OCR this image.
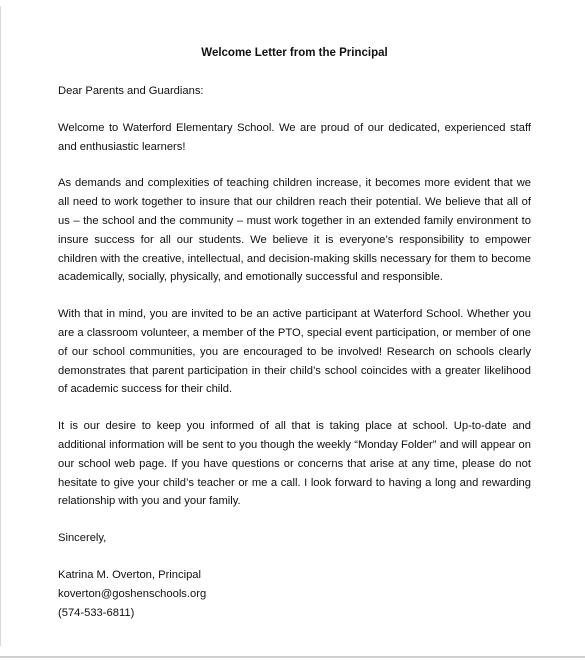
Welcome Letter from the Principal

Dear Parents and Guardians:

Welcome to Waterford Elementary School. We are proud of our dedicated, experienced staff and enthusiastic learners!

As demands and complexities of teaching children increase, it becomes more evident that we all need to work together to insure that our children reach their potential. We believe that all of us – the school and the community – must work together in an extended family environment to insure success for all our students. We believe it is everyone’s responsibility to empower children with the creative, intellectual, and decision-making skills necessary for them to become academically, socially, physically, and emotionally successful and responsible.

With that in mind, you are invited to be an active participant at Waterford School. Whether you are a classroom volunteer, a member of the PTO, special event participation, or member of one of our school communities, you are encouraged to be involved! Research on schools clearly demonstrates that parent participation in their child’s school coincides with a greater likelihood of academic success for their child.

It is our desire to keep you informed of all that is taking place at school. Up-to-date and additional information will be sent to you though the weekly “Monday Folder” and will appear on our school web page. If you have questions or concerns that arise at any time, please do not hesitate to give your child’s teacher or me a call. I look forward to having a long and rewarding relationship with you and your family.

Sincerely,

Katrina M. Overton, Principal
koverton@goshenschools.org
(574-533-6811)
